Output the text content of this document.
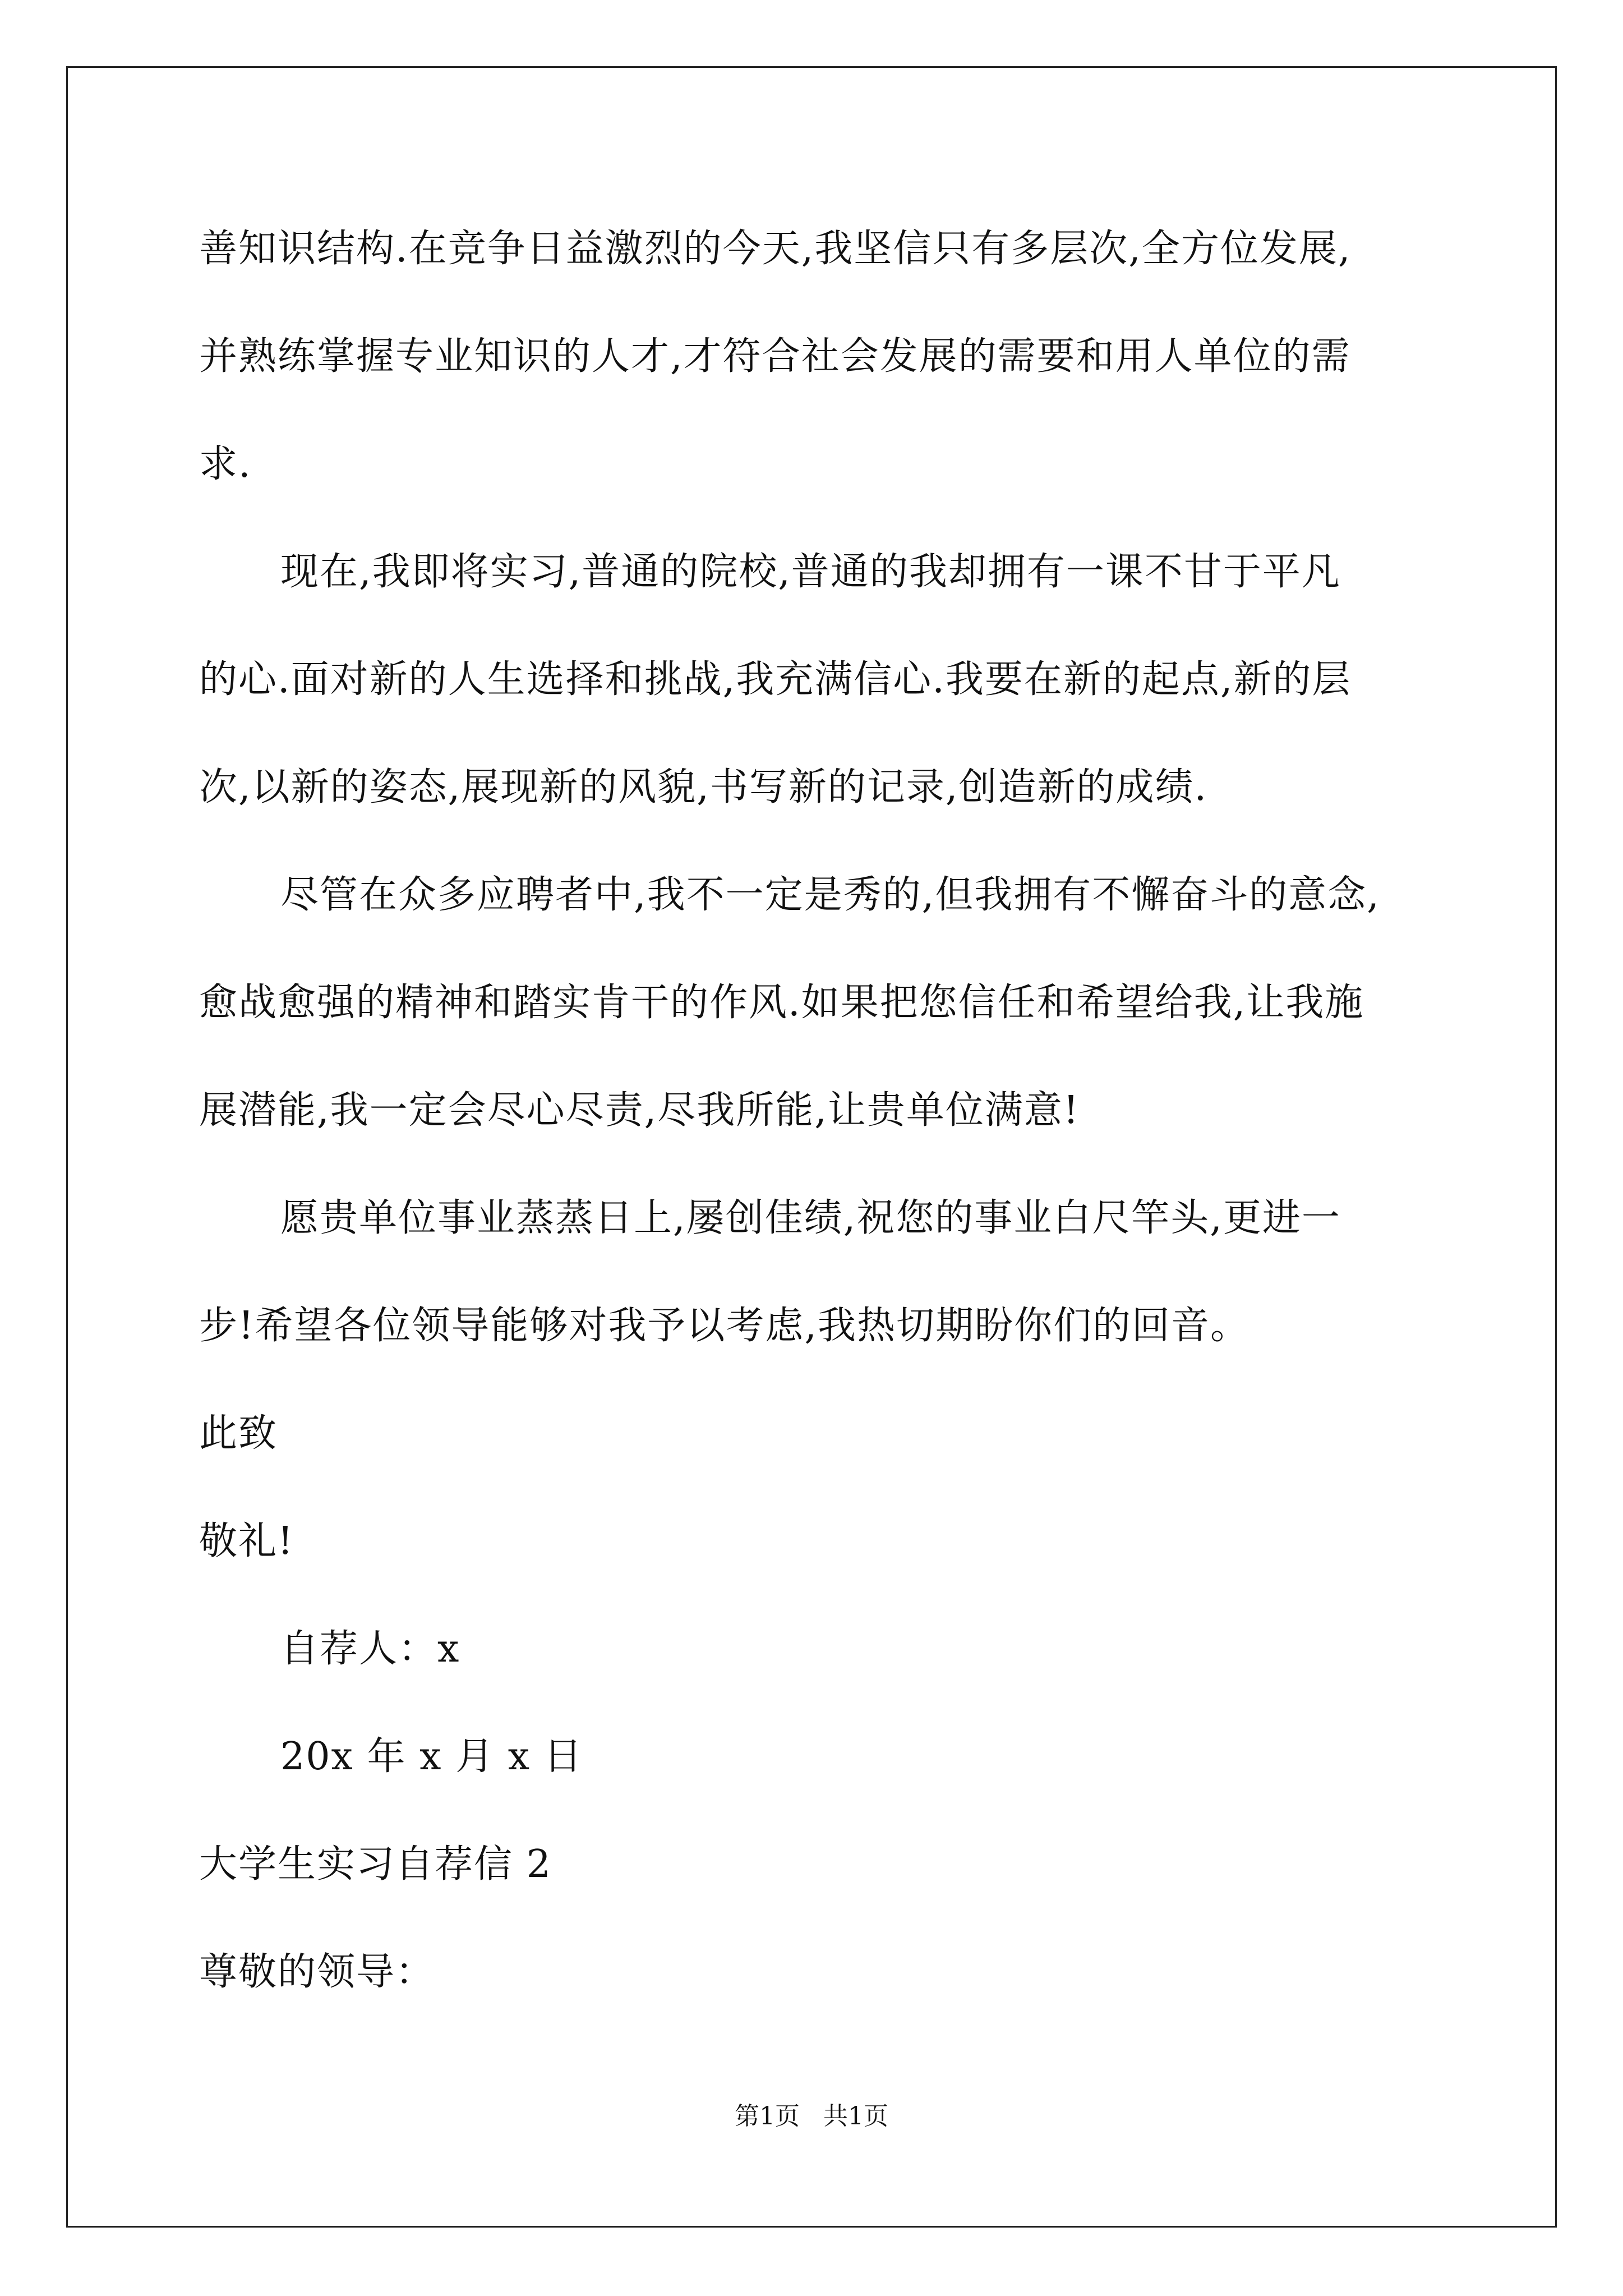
善知识结构.在竞争日益激烈的今天,我坚信只有多层次,全方位发展,
并熟练掌握专业知识的人才,才符合社会发展的需要和用人单位的需
求.
现在,我即将实习,普通的院校,普通的我却拥有一课不甘于平凡
的心.面对新的人生选择和挑战,我充满信心.我要在新的起点,新的层
次,以新的姿态,展现新的风貌,书写新的记录,创造新的成绩.
尽管在众多应聘者中,我不一定是秀的,但我拥有不懈奋斗的意念,
愈战愈强的精神和踏实肯干的作风.如果把您信任和希望给我,让我施
展潜能,我一定会尽心尽责,尽我所能,让贵单位满意!
愿贵单位事业蒸蒸日上,屡创佳绩,祝您的事业白尺竿头,更进一
步!希望各位领导能够对我予以考虑,我热切期盼你们的回音。
此致
敬礼!
自荐人：x
20x 年 x 月 x 日
大学生实习自荐信 2
尊敬的领导：
第1页   共1页
